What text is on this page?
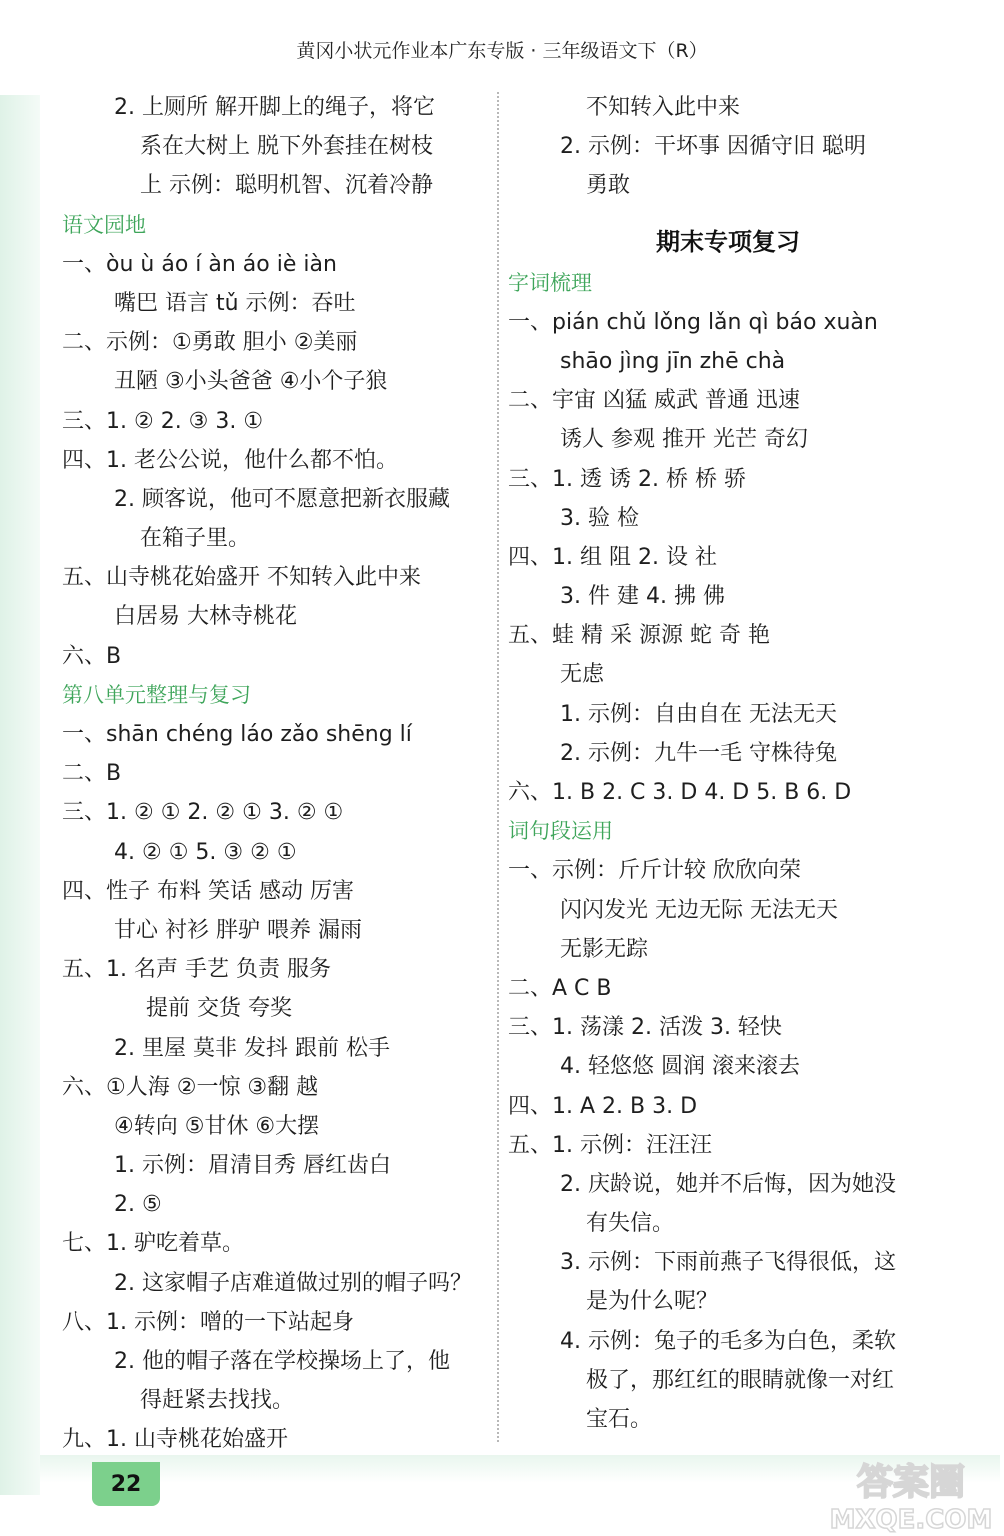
黄冈小状元作业本广东专版 · 三年级语文下（R）
2. 上厕所 解开脚上的绳子，将它
系在大树上 脱下外套挂在树枝
上 示例：聪明机智、沉着冷静
语文园地
一、òu ù áo í àn áo iè iàn
嘴巴 语言 tǔ 示例：吞吐
二、示例：①勇敢 胆小 ②美丽
丑陋 ③小头爸爸 ④小个子狼
三、1. ② 2. ③ 3. ①
四、1. 老公公说，他什么都不怕。
2. 顾客说，他可不愿意把新衣服藏
在箱子里。
五、山寺桃花始盛开 不知转入此中来
白居易 大林寺桃花
六、B
第八单元整理与复习
一、shān chéng láo zǎo shēng lí
二、B
三、1. ② ① 2. ② ① 3. ② ①
4. ② ① 5. ③ ② ①
四、性子 布料 笑话 感动 厉害
甘心 衬衫 胖驴 喂养 漏雨
五、1. 名声 手艺 负责 服务
提前 交货 夸奖
2. 里屋 莫非 发抖 跟前 松手
六、①人海 ②一惊 ③翻 越
④转向 ⑤甘休 ⑥大摆
1. 示例：眉清目秀 唇红齿白
2. ⑤
七、1. 驴吃着草。
2. 这家帽子店难道做过别的帽子吗？
八、1. 示例：噌的一下站起身
2. 他的帽子落在学校操场上了，他
得赶紧去找找。
九、1. 山寺桃花始盛开
不知转入此中来
2. 示例：干坏事 因循守旧 聪明
勇敢
期末专项复习
字词梳理
一、pián chǔ lǒng lǎn qì báo xuàn
shāo jìng jīn zhē chà
二、宇宙 凶猛 威武 普通 迅速
诱人 参观 推开 光芒 奇幻
三、1. 透 诱 2. 桥 桥 骄
3. 验 检
四、1. 组 阻 2. 设 社
3. 件 建 4. 拂 佛
五、蛙 精 采 源源 蛇 奇 艳
无虑
1. 示例：自由自在 无法无天
2. 示例：九牛一毛 守株待兔
六、1. B 2. C 3. D 4. D 5. B 6. D
词句段运用
一、示例：斤斤计较 欣欣向荣
闪闪发光 无边无际 无法无天
无影无踪
二、A C B
三、1. 荡漾 2. 活泼 3. 轻快
4. 轻悠悠 圆润 滚来滚去
四、1. A 2. B 3. D
五、1. 示例：汪汪汪
2. 庆龄说，她并不后悔，因为她没
有失信。
3. 示例：下雨前燕子飞得很低，这
是为什么呢？
4. 示例：兔子的毛多为白色，柔软
极了，那红红的眼睛就像一对红
宝石。
22	答案圈
MXQE.COM
